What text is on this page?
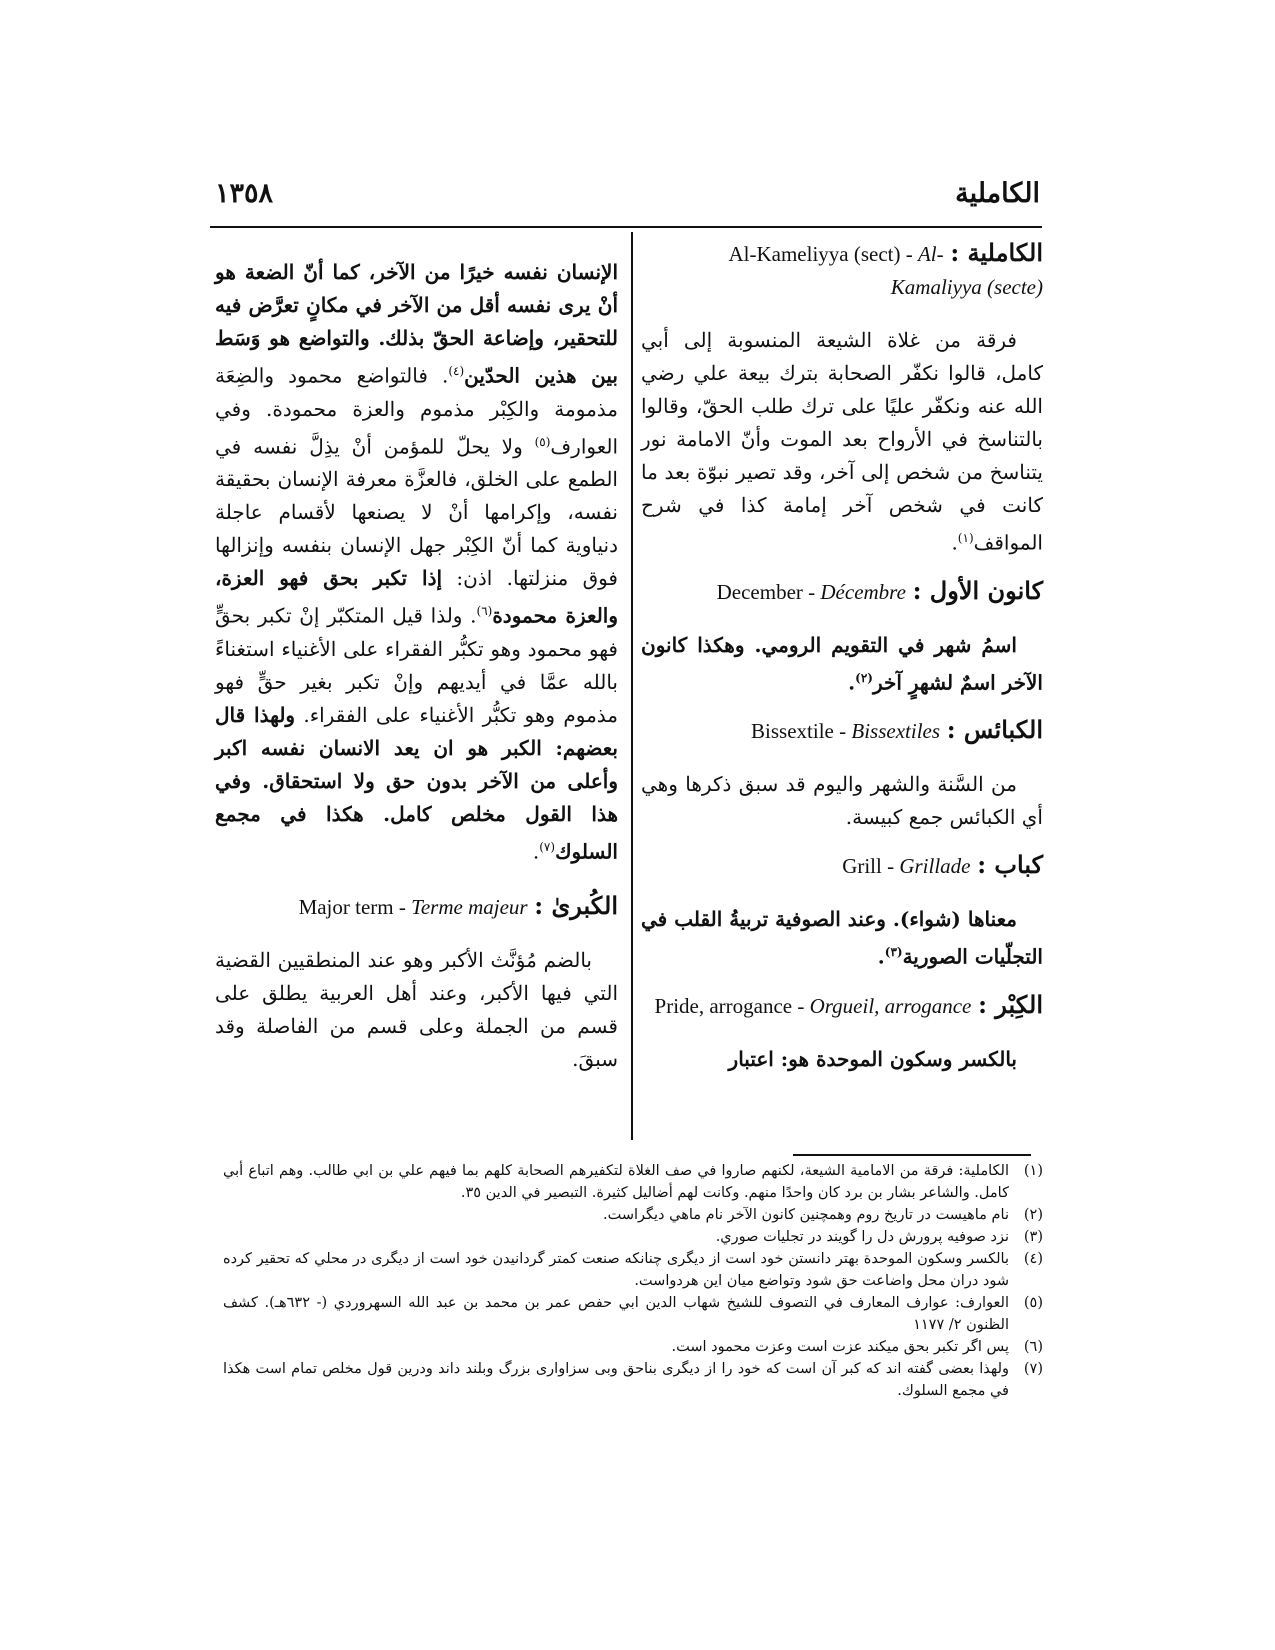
الكاملية
١٣٥٨
الكاملية : Al-Kameliyya (sect) - Al-Kamaliyya (secte)

فرقة من غلاة الشيعة المنسوبة إلى أبي كامل، قالوا نكفّر الصحابة بترك بيعة علي رضي الله عنه ونكفّر عليًا على ترك طلب الحقّ، وقالوا بالتناسخ في الأرواح بعد الموت وأنّ الامامة نور يتناسخ من شخص إلى آخر، وقد تصير نبوّة بعد ما كانت في شخص آخر إمامة كذا في شرح المواقف$^{(١)}$.

كانون الأول : December - Décembre

اسمُ شهر في التقويم الرومي. وهكذا كانون الآخر اسمٌ لشهرٍ آخر$^{(٢)}$.

الكبائس : Bissextile - Bissextiles

من السَّنة والشهر واليوم قد سبق ذكرها وهي أي الكبائس جمع كبيسة.

كباب : Grill - Grillade

معناها (شواء). وعند الصوفية تربيةُ القلب في التجلّيات الصورية$^{(٣)}$.

الكِبْر : Pride, arrogance - Orgueil, arrogance

بالكسر وسكون الموحدة هو: اعتبار

الإنسان نفسه خيرًا من الآخر، كما أنّ الضعة هو أنْ يرى نفسه أقل من الآخر في مكانٍ تعرَّض فيه للتحقير، وإضاعة الحقّ بذلك. والتواضع هو وَسَط بين هذين الحدّين$^{(٤)}$. فالتواضع محمود والضِعَة مذمومة والكِبْر مذموم والعزة محمودة. وفي العوارف$^{(٥)}$ ولا يحلّ للمؤمن أنْ يذِلَّ نفسه في الطمع على الخلق، فالعزَّة معرفة الإنسان بحقيقة نفسه، وإكرامها أنْ لا يصنعها لأقسام عاجلة دنياوية كما أنّ الكِبْر جهل الإنسان بنفسه وإنزالها فوق منزلتها. اذن: إذا تكبر بحق فهو العزة، والعزة محمودة$^{(٦)}$. ولذا قيل المتكبّر إنْ تكبر بحقٍّ فهو محمود وهو تكبُّر الفقراء على الأغنياء استغناءً بالله عمَّا في أيديهم وإنْ تكبر بغير حقٍّ فهو مذموم وهو تكبُّر الأغنياء على الفقراء. ولهذا قال بعضهم: الكبر هو ان يعد الانسان نفسه اكبر وأعلى من الآخر بدون حق ولا استحقاق. وفي هذا القول مخلص كامل. هكذا في مجمع السلوك$^{(٧)}$.

الكُبرىٰ : Major term - Terme majeur

بالضم مُؤنَّث الأكبر وهو عند المنطقيين القضية التي فيها الأكبر، وعند أهل العربية يطلق على قسم من الجملة وعلى قسم من الفاصلة وقد سبقَ.

(١)
الكاملية: فرقة من الامامية الشيعة، لكنهم صاروا في صف الغلاة لتكفيرهم الصحابة كلهم بما فيهم علي بن ابي طالب. وهم اتباع أبي كامل. والشاعر بشار بن برد كان واحدًا منهم. وكانت لهم أضاليل كثيرة. التبصير في الدين ٣٥.
(٢)
نام ماهيست در تاريخ روم وهمچنين كانون الآخر نام ماهي ديگراست.
(٣)
نزد صوفيه پرورش دل را گويند در تجليات صوري.
(٤)
بالكسر وسكون الموحدة بهتر دانستن خود است از ديگرى چنانكه صنعت كمتر گردانيدن خود است از ديگرى در محلي كه تحقير كرده شود دران محل واضاعت حق شود وتواضع ميان اين هردواست.
(٥)
العوارف: عوارف المعارف في التصوف للشيخ شهاب الدين ابي حفص عمر بن محمد بن عبد الله السهروردي (- ٦٣٢هـ). كشف الظنون ٢/ ١١٧٧
(٦)
پس اگر تكبر بحق ميكند عزت است وعزت محمود است.
(٧)
ولهذا بعضى گفته اند كه كبر آن است كه خود را از ديگرى بناحق وبى سزاوارى بزرگ وبلند داند ودرين قول مخلص تمام است هكذا في مجمع السلوك.
